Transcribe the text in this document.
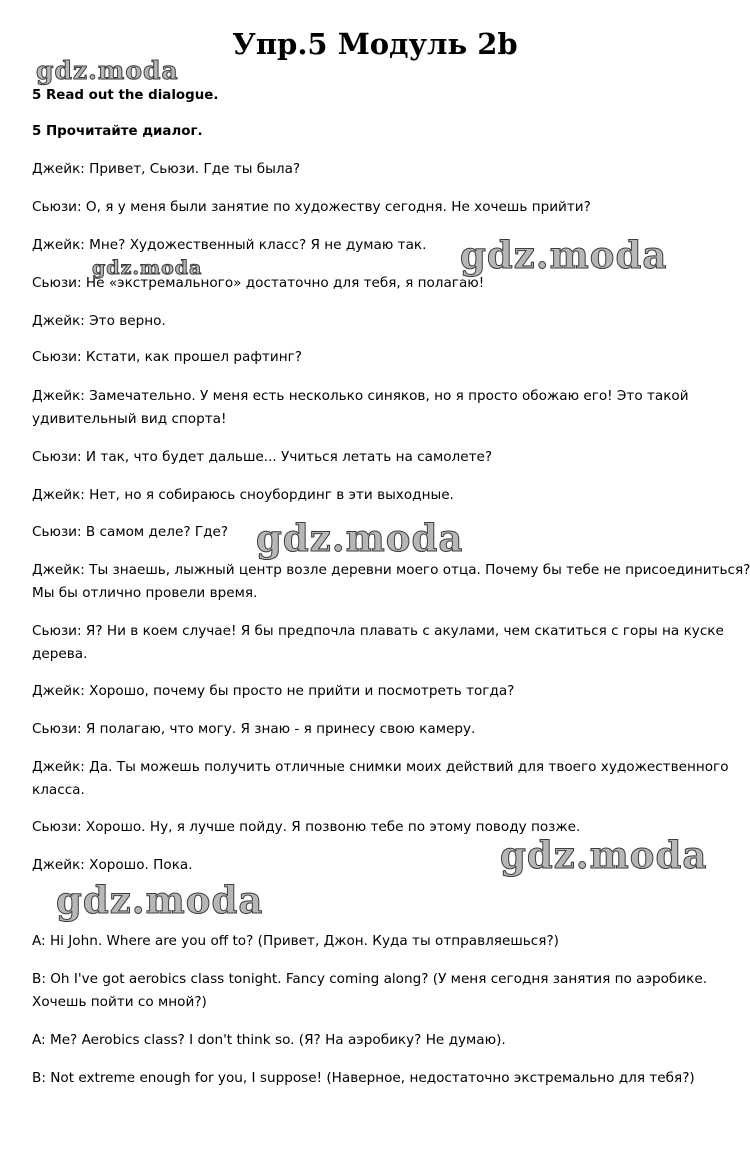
Упр.5 Модуль 2b
5 Read out the dialogue.
5 Прочитайте диалог.
Джейк: Привет, Сьюзи. Где ты была?
Сьюзи: О, я у меня были занятие по художеству сегодня. Не хочешь прийти?
Джейк: Мне? Художественный класс? Я не думаю так.
Сьюзи: Не «экстремального» достаточно для тебя, я полагаю!
Джейк: Это верно.
Сьюзи: Кстати, как прошел рафтинг?
Джейк: Замечательно. У меня есть несколько синяков, но я просто обожаю его! Это такой
удивительный вид спорта!
Сьюзи: И так, что будет дальше... Учиться летать на самолете?
Джейк: Нет, но я собираюсь сноубординг в эти выходные.
Сьюзи: В самом деле? Где?
Джейк: Ты знаешь, лыжный центр возле деревни моего отца. Почему бы тебе не присоединиться?
Мы бы отлично провели время.
Сьюзи: Я? Ни в коем случае! Я бы предпочла плавать с акулами, чем скатиться с горы на куске
дерева.
Джейк: Хорошо, почему бы просто не прийти и посмотреть тогда?
Сьюзи: Я полагаю, что могу. Я знаю - я принесу свою камеру.
Джейк: Да. Ты можешь получить отличные снимки моих действий для твоего художественного
класса.
Сьюзи: Хорошо. Ну, я лучше пойду. Я позвоню тебе по этому поводу позже.
Джейк: Хорошо. Пока.
A: Hi John. Where are you off to? (Привет, Джон. Куда ты отправляешься?)
B: Oh I've got aerobics class tonight. Fancy coming along? (У меня сегодня занятия по аэробике.
Хочешь пойти со мной?)
A: Me? Aerobics class? I don't think so. (Я? На аэробику? Не думаю).
B: Not extreme enough for you, I suppose! (Наверное, недостаточно экстремально для тебя?)
gdz.moda
gdz.moda
gdz.moda
gdz.moda
gdz.moda
gdz.moda
